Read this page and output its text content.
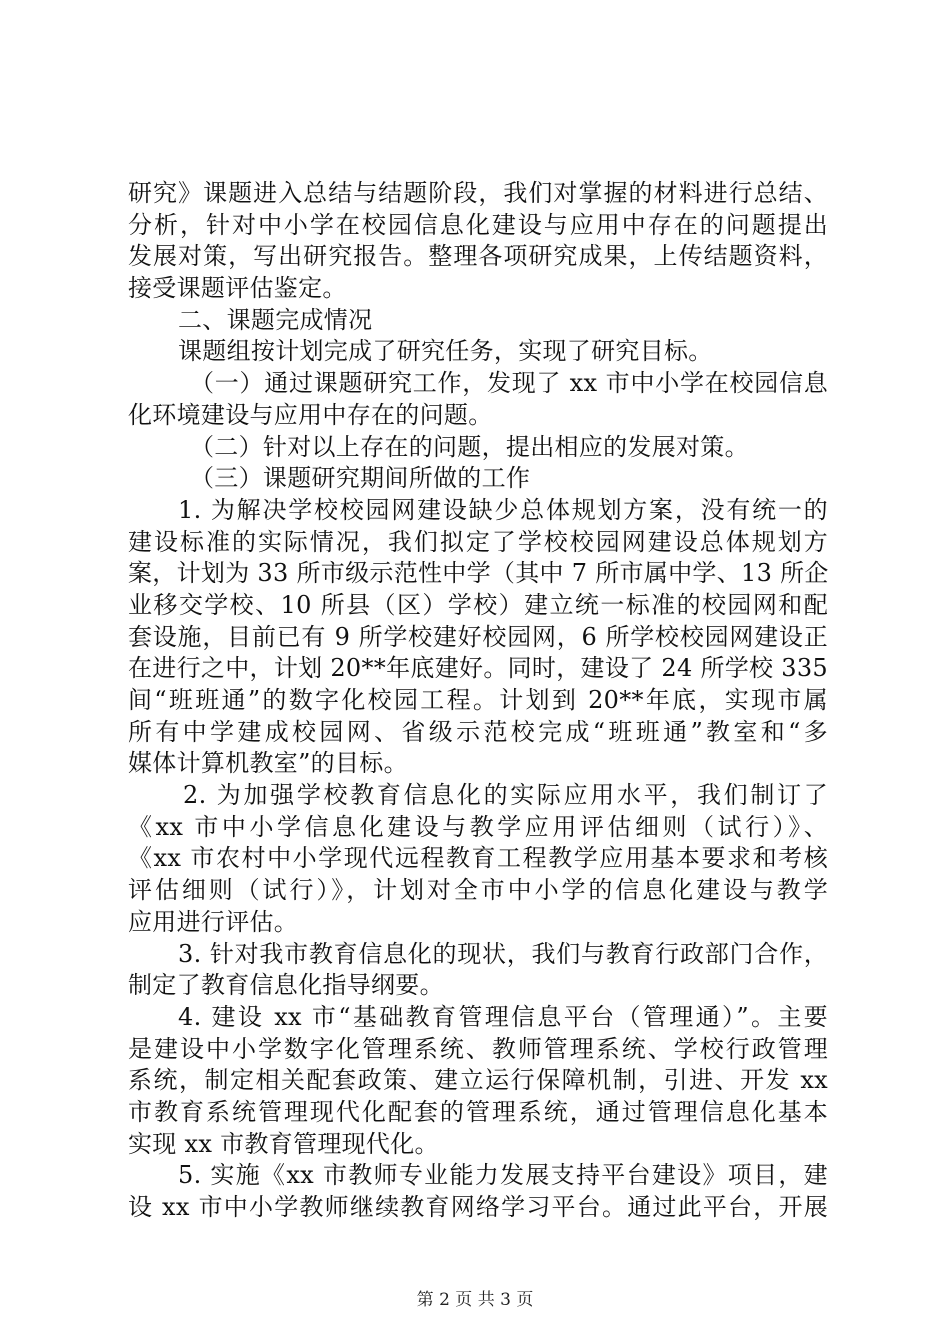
研究》课题进入总结与结题阶段，我们对掌握的材料进行总结、
分析，针对中小学在校园信息化建设与应用中存在的问题提出
发展对策，写出研究报告。整理各项研究成果，上传结题资料，
接受课题评估鉴定。
二、课题完成情况
课题组按计划完成了研究任务，实现了研究目标。
（一）通过课题研究工作，发现了 xx 市中小学在校园信息
化环境建设与应用中存在的问题。
（二）针对以上存在的问题，提出相应的发展对策。
（三）课题研究期间所做的工作
1. 为解决学校校园网建设缺少总体规划方案，没有统一的
建设标准的实际情况，我们拟定了学校校园网建设总体规划方
案，计划为 33 所市级示范性中学（其中 7 所市属中学、13 所企
业移交学校、10 所县（区）学校）建立统一标准的校园网和配
套设施，目前已有 9 所学校建好校园网，6 所学校校园网建设正
在进行之中，计划 20**年底建好。同时，建设了 24 所学校 335
间“班班通”的数字化校园工程。计划到 20**年底，实现市属
所有中学建成校园网、省级示范校完成“班班通”教室和“多
媒体计算机教室”的目标。
2. 为加强学校教育信息化的实际应用水平，我们制订了
《xx 市中小学信息化建设与教学应用评估细则（试行）》、
《xx 市农村中小学现代远程教育工程教学应用基本要求和考核
评估细则（试行）》，计划对全市中小学的信息化建设与教学
应用进行评估。
3. 针对我市教育信息化的现状，我们与教育行政部门合作，
制定了教育信息化指导纲要。
4. 建设 xx 市“基础教育管理信息平台（管理通）”。主要
是建设中小学数字化管理系统、教师管理系统、学校行政管理
系统，制定相关配套政策、建立运行保障机制，引进、开发 xx
市教育系统管理现代化配套的管理系统，通过管理信息化基本
实现 xx 市教育管理现代化。
5. 实施《xx 市教师专业能力发展支持平台建设》项目，建
设 xx 市中小学教师继续教育网络学习平台。通过此平台，开展
第 2 页 共 3 页
